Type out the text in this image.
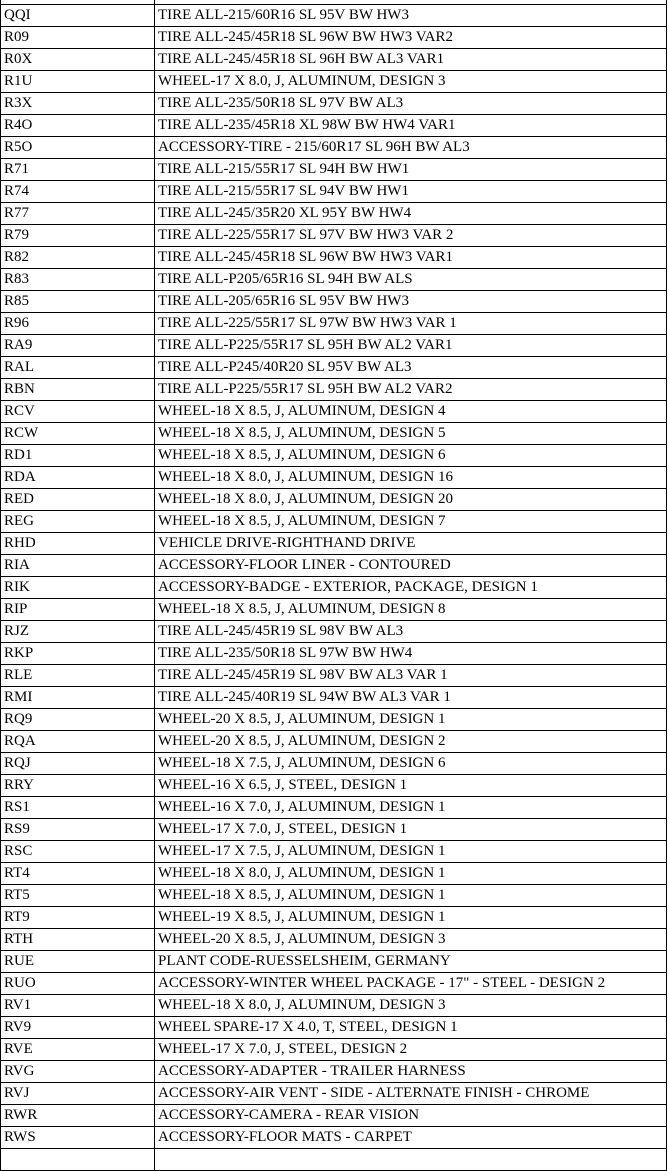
QQI	TIRE ALL-215/60R16 SL 95V BW HW3
R09	TIRE ALL-245/45R18 SL 96W BW HW3 VAR2
R0X	TIRE ALL-245/45R18 SL 96H BW AL3 VAR1
R1U	WHEEL-17 X 8.0, J, ALUMINUM, DESIGN 3
R3X	TIRE ALL-235/50R18 SL 97V BW AL3
R4O	TIRE ALL-235/45R18 XL 98W BW HW4 VAR1
R5O	ACCESSORY-TIRE - 215/60R17 SL 96H BW AL3
R71	TIRE ALL-215/55R17 SL 94H BW HW1
R74	TIRE ALL-215/55R17 SL 94V BW HW1
R77	TIRE ALL-245/35R20 XL 95Y BW HW4
R79	TIRE ALL-225/55R17 SL 97V BW HW3 VAR 2
R82	TIRE ALL-245/45R18 SL 96W BW HW3 VAR1
R83	TIRE ALL-P205/65R16 SL 94H BW ALS
R85	TIRE ALL-205/65R16 SL 95V BW HW3
R96	TIRE ALL-225/55R17 SL 97W BW HW3 VAR 1
RA9	TIRE ALL-P225/55R17 SL 95H BW AL2 VAR1
RAL	TIRE ALL-P245/40R20 SL 95V BW AL3
RBN	TIRE ALL-P225/55R17 SL 95H BW AL2 VAR2
RCV	WHEEL-18 X 8.5, J, ALUMINUM, DESIGN 4
RCW	WHEEL-18 X 8.5, J, ALUMINUM, DESIGN 5
RD1	WHEEL-18 X 8.5, J, ALUMINUM, DESIGN 6
RDA	WHEEL-18 X 8.0, J, ALUMINUM, DESIGN 16
RED	WHEEL-18 X 8.0, J, ALUMINUM, DESIGN 20
REG	WHEEL-18 X 8.5, J, ALUMINUM, DESIGN 7
RHD	VEHICLE DRIVE-RIGHTHAND DRIVE
RIA	ACCESSORY-FLOOR LINER - CONTOURED
RIK	ACCESSORY-BADGE - EXTERIOR, PACKAGE, DESIGN 1
RIP	WHEEL-18 X 8.5, J, ALUMINUM, DESIGN 8
RJZ	TIRE ALL-245/45R19 SL 98V BW AL3
RKP	TIRE ALL-235/50R18 SL 97W BW HW4
RLE	TIRE ALL-245/45R19 SL 98V BW AL3 VAR 1
RMI	TIRE ALL-245/40R19 SL 94W BW AL3 VAR 1
RQ9	WHEEL-20 X 8.5, J, ALUMINUM, DESIGN 1
RQA	WHEEL-20 X 8.5, J, ALUMINUM, DESIGN 2
RQJ	WHEEL-18 X 7.5, J, ALUMINUM, DESIGN 6
RRY	WHEEL-16 X 6.5, J, STEEL, DESIGN 1
RS1	WHEEL-16 X 7.0, J, ALUMINUM, DESIGN 1
RS9	WHEEL-17 X 7.0, J, STEEL, DESIGN 1
RSC	WHEEL-17 X 7.5, J, ALUMINUM, DESIGN 1
RT4	WHEEL-18 X 8.0, J, ALUMINUM, DESIGN 1
RT5	WHEEL-18 X 8.5, J, ALUMINUM, DESIGN 1
RT9	WHEEL-19 X 8.5, J, ALUMINUM, DESIGN 1
RTH	WHEEL-20 X 8.5, J, ALUMINUM, DESIGN 3
RUE	PLANT CODE-RUESSELSHEIM, GERMANY
RUO	ACCESSORY-WINTER WHEEL PACKAGE - 17" - STEEL - DESIGN 2
RV1	WHEEL-18 X 8.0, J, ALUMINUM, DESIGN 3
RV9	WHEEL SPARE-17 X 4.0, T, STEEL, DESIGN 1
RVE	WHEEL-17 X 7.0, J, STEEL, DESIGN 2
RVG	ACCESSORY-ADAPTER - TRAILER HARNESS
RVJ	ACCESSORY-AIR VENT - SIDE - ALTERNATE FINISH - CHROME
RWR	ACCESSORY-CAMERA - REAR VISION
RWS	ACCESSORY-FLOOR MATS - CARPET
